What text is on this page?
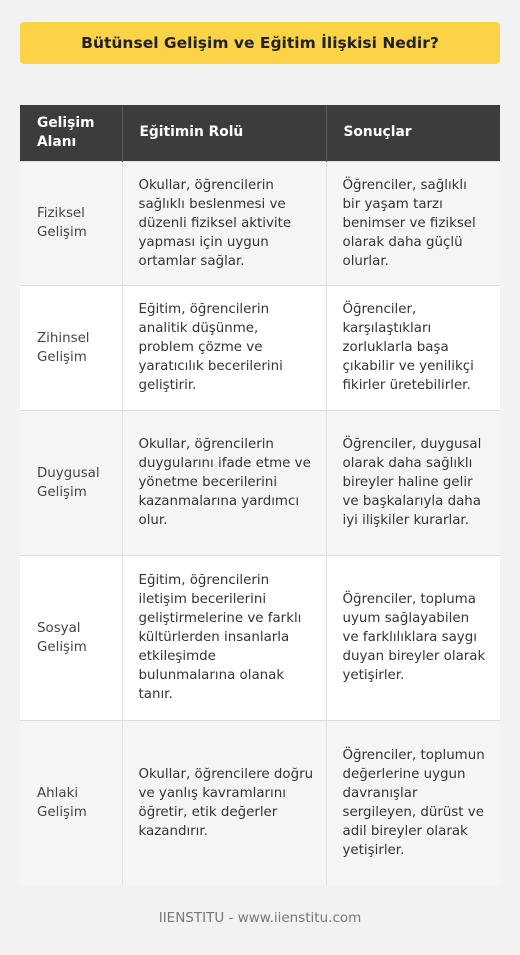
Bütünsel Gelişim ve Eğitim İlişkisi Nedir?
Gelişim Alanı	Eğitimin Rolü	Sonuçlar
Fiziksel Gelişim	Okullar, öğrencilerin sağlıklı beslenmesi ve düzenli fiziksel aktivite yapması için uygun ortamlar sağlar.	Öğrenciler, sağlıklı bir yaşam tarzı benimser ve fiziksel olarak daha güçlü olurlar.
Zihinsel Gelişim	Eğitim, öğrencilerin analitik düşünme, problem çözme ve yaratıcılık becerilerini geliştirir.	Öğrenciler, karşılaştıkları zorluklarla başa çıkabilir ve yenilikçi fikirler üretebilirler.
Duygusal Gelişim	Okullar, öğrencilerin duygularını ifade etme ve yönetme becerilerini kazanmalarına yardımcı olur.	Öğrenciler, duygusal olarak daha sağlıklı bireyler haline gelir ve başkalarıyla daha iyi ilişkiler kurarlar.
Sosyal Gelişim	Eğitim, öğrencilerin iletişim becerilerini geliştirmelerine ve farklı kültürlerden insanlarla etkileşimde bulunmalarına olanak tanır.	Öğrenciler, topluma uyum sağlayabilen ve farklılıklara saygı duyan bireyler olarak yetişirler.
Ahlaki Gelişim	Okullar, öğrencilere doğru ve yanlış kavramlarını öğretir, etik değerler kazandırır.	Öğrenciler, toplumun değerlerine uygun davranışlar sergileyen, dürüst ve adil bireyler olarak yetişirler.
IIENSTITU - www.iienstitu.com
